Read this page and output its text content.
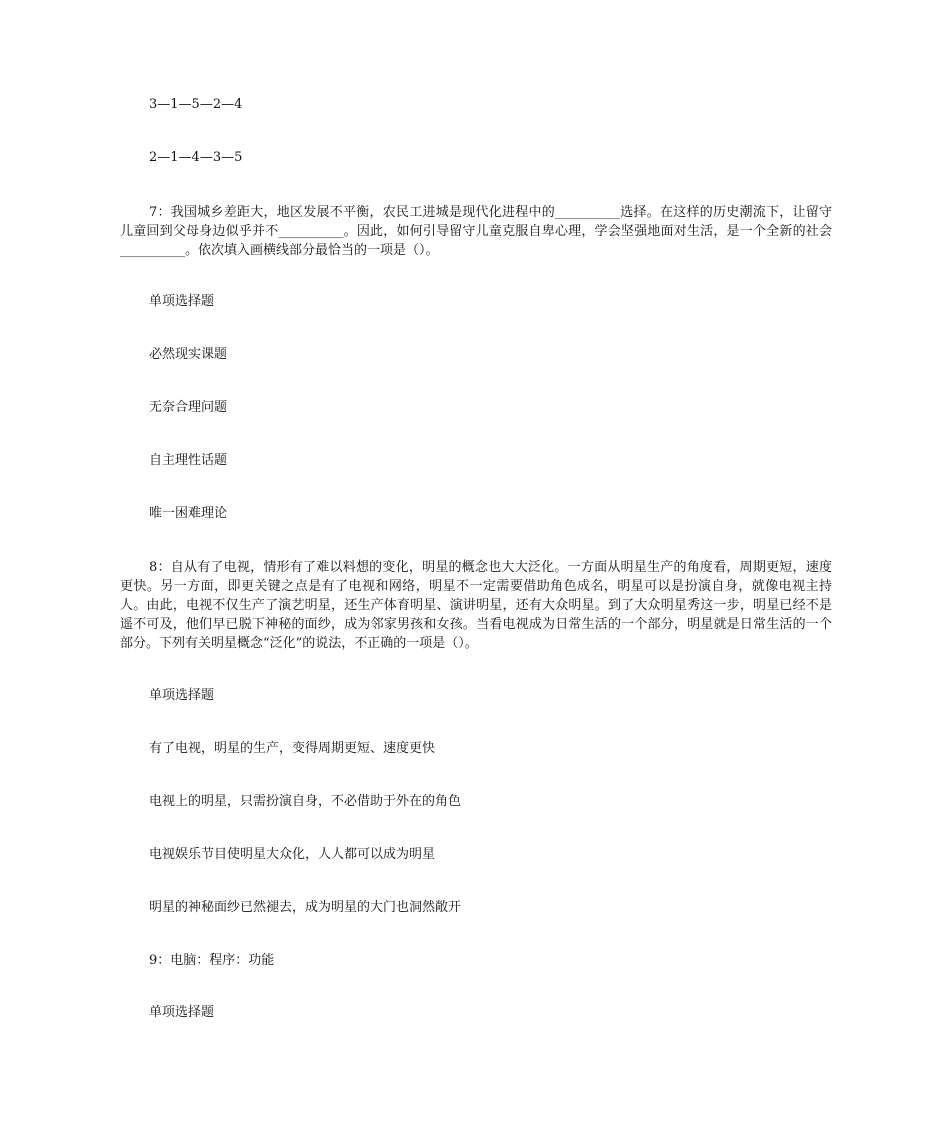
3—1—5—2—4
2—1—4—3—5
7：我国城乡差距大，地区发展不平衡，农民工进城是现代化进程中的__________选择。在这样的历史潮流下，让留守儿童回到父母身边似乎并不__________。因此，如何引导留守儿童克服自卑心理，学会坚强地面对生活，是一个全新的社会__________。依次填入画横线部分最恰当的一项是（）。
单项选择题
必然现实课题
无奈合理问题
自主理性话题
唯一困难理论
8：自从有了电视，情形有了难以料想的变化，明星的概念也大大泛化。一方面从明星生产的角度看，周期更短，速度更快。另一方面，即更关键之点是有了电视和网络，明星不一定需要借助角色成名，明星可以是扮演自身，就像电视主持人。由此，电视不仅生产了演艺明星，还生产体育明星、演讲明星，还有大众明星。到了大众明星秀这一步，明星已经不是遥不可及，他们早已脱下神秘的面纱，成为邻家男孩和女孩。当看电视成为日常生活的一个部分，明星就是日常生活的一个部分。下列有关明星概念“泛化”的说法，不正确的一项是（）。
单项选择题
有了电视，明星的生产，变得周期更短、速度更快
电视上的明星，只需扮演自身，不必借助于外在的角色
电视娱乐节目使明星大众化，人人都可以成为明星
明星的神秘面纱已然褪去，成为明星的大门也洞然敞开
9：电脑：程序：功能
单项选择题
